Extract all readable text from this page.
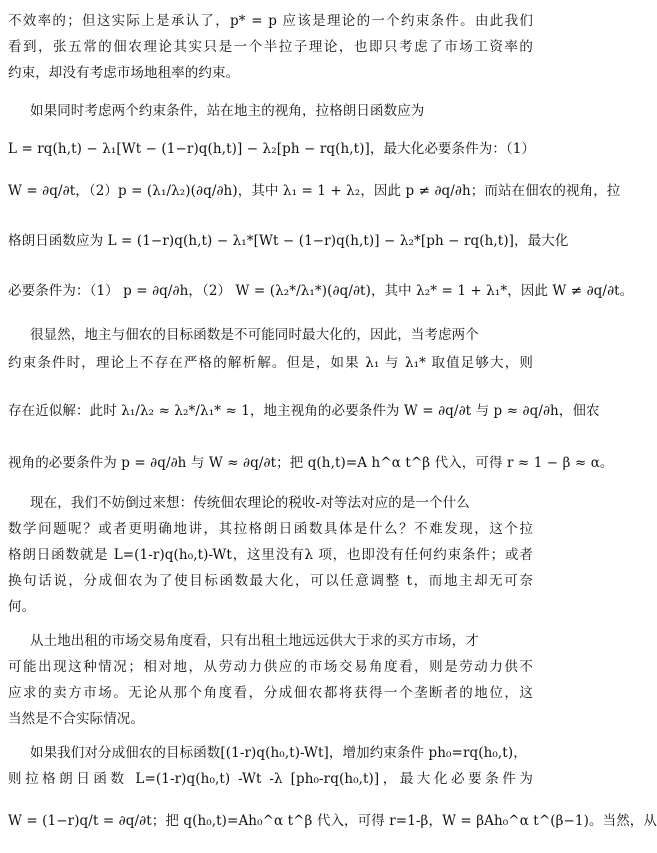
不效率的；但这实际上是承认了，p* = p 应该是理论的一个约束条件。由此我们
看到，张五常的佃农理论其实只是一个半拉子理论，也即只考虑了市场工资率的
约束，却没有考虑市场地租率的约束。
如果同时考虑两个约束条件，站在地主的视角，拉格朗日函数应为
L = rq(h,t) − λ₁[Wt − (1−r)q(h,t)] − λ₂[ph − rq(h,t)]，最大化必要条件为：（1）
W = ∂q/∂t，（2）p = (λ₁/λ₂)(∂q/∂h)，其中 λ₁ = 1 + λ₂，因此 p ≠ ∂q/∂h；而站在佃农的视角，拉
格朗日函数应为 L = (1−r)q(h,t) − λ₁*[Wt − (1−r)q(h,t)] − λ₂*[ph − rq(h,t)]，最大化
必要条件为：（1） p = ∂q/∂h，（2） W = (λ₂*/λ₁*)(∂q/∂t)，其中 λ₂* = 1 + λ₁*，因此 W ≠ ∂q/∂t。
很显然，地主与佃农的目标函数是不可能同时最大化的，因此，当考虑两个
约束条件时，理论上不存在严格的解析解。但是，如果 λ₁ 与 λ₁* 取值足够大，则
存在近似解：此时 λ₁/λ₂ ≈ λ₂*/λ₁* ≈ 1，地主视角的必要条件为 W = ∂q/∂t 与 p ≈ ∂q/∂h，佃农
视角的必要条件为 p = ∂q/∂h 与 W ≈ ∂q/∂t；把 q(h,t)=A h^α t^β 代入，可得 r ≈ 1 − β ≈ α。
现在，我们不妨倒过来想：传统佃农理论的税收-对等法对应的是一个什么
数学问题呢？或者更明确地讲，其拉格朗日函数具体是什么？不难发现，这个拉
格朗日函数就是 L=(1-r)q(h₀,t)-Wt，这里没有λ 项，也即没有任何约束条件；或者
换句话说，分成佃农为了使目标函数最大化，可以任意调整 t，而地主却无可奈
何。
从土地出租的市场交易角度看，只有出租土地远远供大于求的买方市场，才
可能出现这种情况；相对地，从劳动力供应的市场交易角度看，则是劳动力供不
应求的卖方市场。无论从那个角度看，分成佃农都将获得一个垄断者的地位，这
当然是不合实际情况。
如果我们对分成佃农的目标函数[(1-r)q(h₀,t)-Wt]，增加约束条件 ph₀=rq(h₀,t)，
则拉格朗日函数 L=(1-r)q(h₀,t) -Wt -λ [ph₀-rq(h₀,t)]，最大化必要条件为
W = (1−r)q/t = ∂q/∂t；把 q(h₀,t)=Ah₀^α t^β 代入，可得 r=1-β，W = βAh₀^α t^(β−1)。当然，从
